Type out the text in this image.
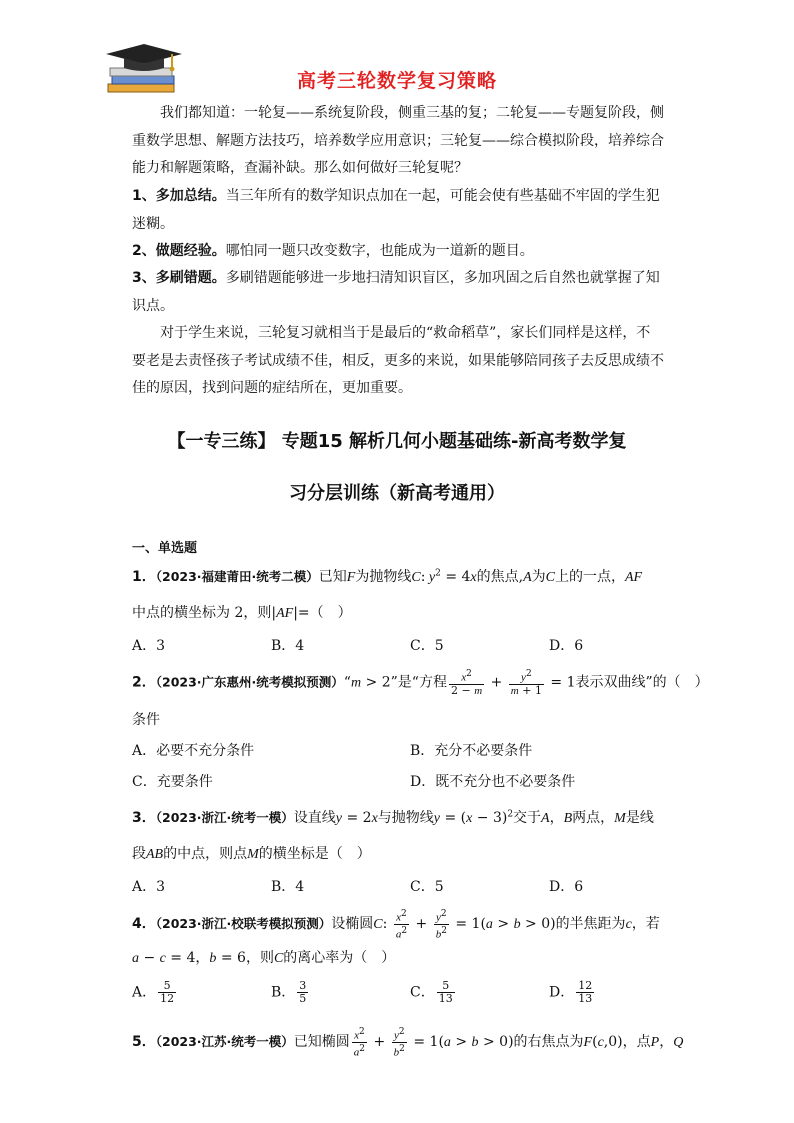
高考三轮数学复习策略
我们都知道：一轮复——系统复阶段，侧重三基的复；二轮复——专题复阶段，侧重数学思想、解题方法技巧，培养数学应用意识；三轮复——综合模拟阶段，培养综合能力和解题策略，查漏补缺。那么如何做好三轮复呢？
1、多加总结。当三年所有的数学知识点加在一起，可能会使有些基础不牢固的学生犯迷糊。
2、做题经验。哪怕同一题只改变数字，也能成为一道新的题目。
3、多刷错题。多刷错题能够进一步地扫清知识盲区，多加巩固之后自然也就掌握了知识点。
对于学生来说，三轮复习就相当于是最后的“救命稻草”，家长们同样是这样，不要老是去责怪孩子考试成绩不佳，相反，更多的来说，如果能够陪同孩子去反思成绩不佳的原因，找到问题的症结所在，更加重要。
【一专三练】 专题15 解析几何小题基础练-新高考数学复
习分层训练（新高考通用）
一、单选题
1．（2023·福建莆田·统考二模）已知F为抛物线C: $y^2 = 4x$的焦点,A为C上的一点，AF
中点的横坐标为 2，则|AF|=（　）
A．3	B．4	C．5	D．6
2．（2023·广东惠州·统考模拟预测）“m > 2”是“方程 $\frac{x^2}{2 - m} + \frac{y^2}{m + 1} = 1$表示双曲线”的（　）
条件
A．必要不充分条件	B．充分不必要条件
C．充要条件	D．既不充分也不必要条件
3．（2023·浙江·统考一模）设直线y = 2x与抛物线$y = (x - 3)^2$交于A，B两点，M是线
段AB的中点，则点M的横坐标是（　）
A．3	B．4	C．5	D．6
4．（2023·浙江·校联考模拟预测）设椭圆C: $\frac{x^2}{a^2} + \frac{y^2}{b^2} = 1(a > b > 0)$的半焦距为c，若
a − c = 4，b = 6，则C的离心率为（　）
A． $\frac{5}{12}$	B． $\frac{3}{5}$	C． $\frac{5}{13}$	D． $\frac{12}{13}$
5．（2023·江苏·统考一模）已知椭圆 $\frac{x^2}{a^2} + \frac{y^2}{b^2} = 1(a > b > 0)$的右焦点为F(c,0)，点P，Q
